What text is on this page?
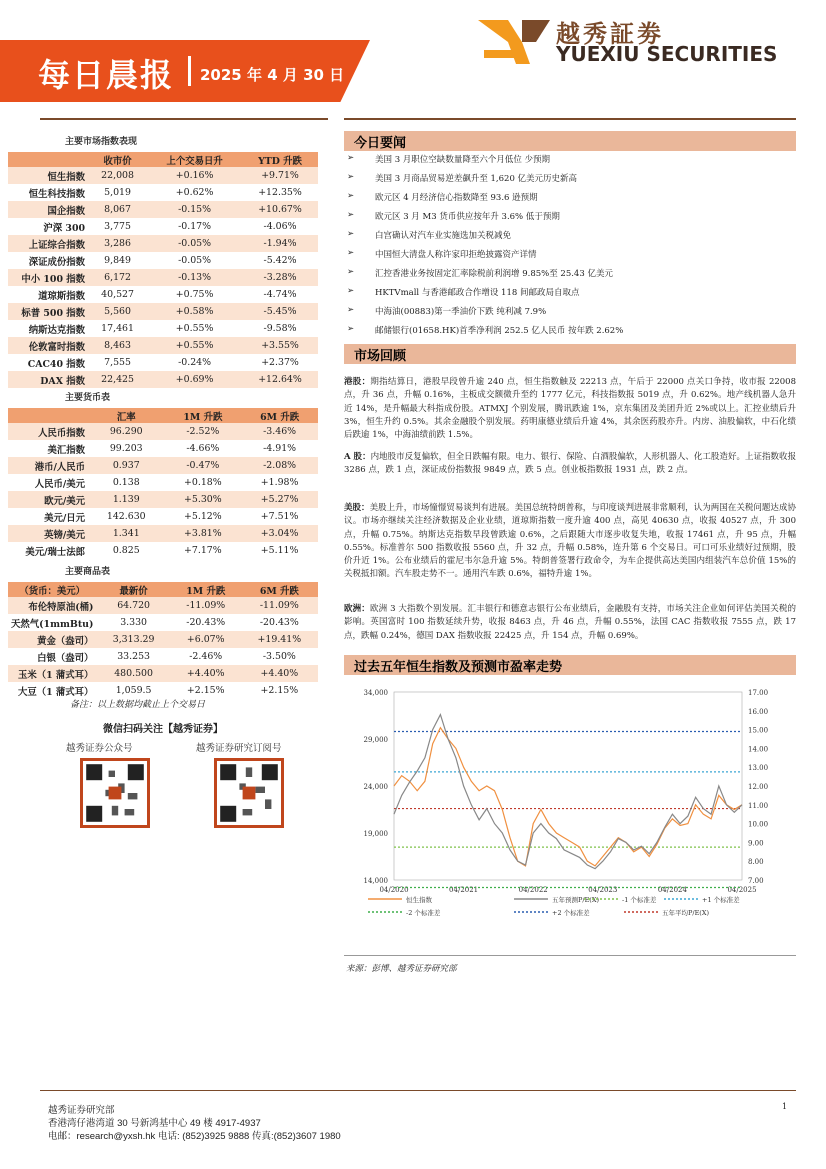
每日晨报 2025 年 4 月 30 日
越秀証劵
YUEXIU SECURITIES
主要市场指数表现
	收市价	上个交易日升	YTD 升跌
恒生指数	22,008	+0.16%	+9.71%
恒生科技指数	5,019	+0.62%	+12.35%
国企指数	8,067	-0.15%	+10.67%
沪深 300	3,775	-0.17%	-4.06%
上证综合指数	3,286	-0.05%	-1.94%
深证成份指数	9,849	-0.05%	-5.42%
中小 100 指数	6,172	-0.13%	-3.28%
道琼斯指数	40,527	+0.75%	-4.74%
标普 500 指数	5,560	+0.58%	-5.45%
纳斯达克指数	17,461	+0.55%	-9.58%
伦敦富时指数	8,463	+0.55%	+3.55%
CAC40 指数	7,555	-0.24%	+2.37%
DAX 指数	22,425	+0.69%	+12.64%
主要货币表
	汇率	1M 升跌	6M 升跌
人民币指数	96.290	-2.52%	-3.46%
美汇指数	99.203	-4.66%	-4.91%
港币/人民币	0.937	-0.47%	-2.08%
人民币/美元	0.138	+0.18%	+1.98%
欧元/美元	1.139	+5.30%	+5.27%
美元/日元	142.630	+5.12%	+7.51%
英镑/美元	1.341	+3.81%	+3.04%
美元/瑞士法郎	0.825	+7.17%	+5.11%
主要商品表
（货币：美元）	最新价	1M 升跌	6M 升跌
布伦特原油(桶)	64.720	-11.09%	-11.09%
天然气(1mmBtu)	3.330	-20.43%	-20.43%
黄金（盎司）	3,313.29	+6.07%	+19.41%
白银（盎司）	33.253	-2.46%	-3.50%
玉米（1 蒲式耳）	480.500	+4.40%	+4.40%
大豆（1 蒲式耳）	1,059.5	+2.15%	+2.15%
备注：以上数据均截止上个交易日
微信扫码关注【越秀证券】
越秀证券公众号	越秀证券研究订阅号
今日要闻
美国 3 月职位空缺数量降至六个月低位 少预期
美国 3 月商品贸易逆差飙升至 1,620 亿美元历史新高
欧元区 4 月经济信心指数降至 93.6 逊预期
欧元区 3 月 M3 货币供应按年升 3.6% 低于预期
白宫确认对汽车业实施选加关税减免
中国恒大清盘人称许家印拒绝披露资产详情
汇控香港业务按固定汇率除税前利润增 9.85%至 25.43 亿美元
HKTVmall 与香港邮政合作增设 118 间邮政局自取点
中海油(00883)第一季油价下跌 纯利减 7.9%
邮储银行(01658.HK)首季净利润 252.5 亿人民币 按年跌 2.62%
市场回顾
港股：期指结算日，港股早段曾升逾 240 点，恒生指数触及 22213 点，午后于 22000 点关口争持，收市报 22008 点，升 36 点，升幅 0.16%，主板成交额微升至约 1777 亿元，科技指数报 5019 点，升 0.62%。地产线机器人急升近 14%，是升幅最大科指成份股。ATMXJ 个别发展，腾讯跌逾 1%，京东集团及美团升近 2%或以上。汇控业绩后升 3%，恒生升约 0.5%。其余金融股个别发展。药明康德业绩后升逾 4%，其余医药股亦升。内房、油股偏软，中石化绩后跌逾 1%，中海油绩前跌 1.5%。
A 股：内地股市反复偏软，但全日跌幅有限。电力、银行、保险、白酒股偏软，人形机器人、化工股造好。上证指数收报 3286 点，跌 1 点，深证成份指数报 9849 点，跌 5 点。创业板指数报 1931 点，跌 2 点。
美股：美股上升，市场憧憬贸易谈判有进展。美国总统特朗普称，与印度谈判进展非常顺利，认为两国在关税问题达成协议。市场亦继续关注经济数据及企业业绩，道琼斯指数一度升逾 400 点，高见 40630 点，收报 40527 点，升 300 点，升幅 0.75%。纳斯达克指数早段曾跌逾 0.6%，之后跟随大市逐步收复失地，收报 17461 点，升 95 点，升幅 0.55%。标准普尔 500 指数收报 5560 点，升 32 点，升幅 0.58%，连升第 6 个交易日。可口可乐业绩好过预期，股价升近 1%。公布业绩后的霍尼韦尔急升逾 5%。特朗普签署行政命令，为车企提供高达美国内组装汽车总价值 15%的关税抵扣额。汽车股走势不一。通用汽车跌 0.6%，福特升逾 1%。
欧洲：欧洲 3 大指数个别发展。汇丰银行和德意志银行公布业绩后，金融股有支持，市场关注企业如何评估美国关税的影响。英国富时 100 指数延续升势，收报 8463 点，升 46 点，升幅 0.55%，法国 CAC 指数收报 7555 点，跌 17 点，跌幅 0.24%，德国 DAX 指数收报 22425 点，升 154 点，升幅 0.69%。
过去五年恒生指数及预测市盈率走势
34,000
29,000
24,000
19,000
14,000
17.00
16.00
15.00
14.00
13.00
12.00
11.00
10.00
9.00
8.00
7.00
04/2020	04/2021	04/2022	04/2023	04/2024	04/2025
恒生指数	五年预测P/E(X)	-1 个标准差	+1 个标准差
-2 个标准差	+2 个标准差	五年平均P/E(X)
来源：彭博、越秀证券研究部
越秀证券研究部
香港湾仔港湾道 30 号新鸿基中心 49 楼 4917-4937
电邮：research@yxsh.hk 电话: (852)3925 9888 传真:(852)3607 1980
1
